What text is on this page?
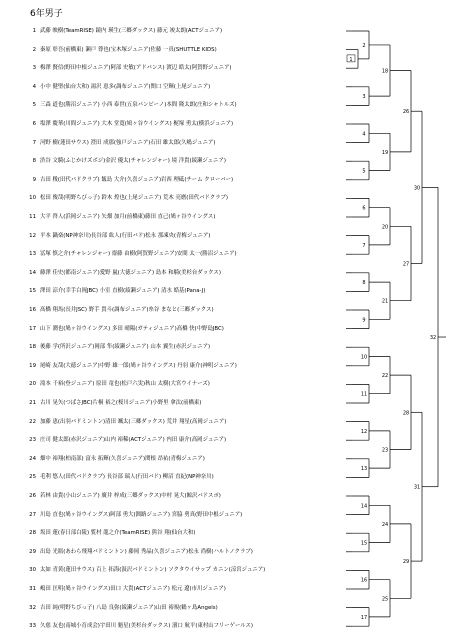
6年男子
1 武藤 映樹(TeamRISE) 鏡内 瑛生(三郷ダックス) 藤元 竣太朗(ACTジュニア)
2 秦原 彰吾(前橋東) 瀬戸 尊也(宝木塚ジュニア)佐藤 一真(SHUTTLE KIDS)
3 梅澤 賢信(野田中根ジュニア)阿部 史敏(アドバンス) 渡辺 皓太(阿賀野ジュニア)
4 小中 健聖(仙台大和) 湯沢 恵多(調布ジュニア)関口 空輝(上尾ジュニア)
5 三森 道也(勝沼ジュニア) 小西 泰世(五泉バンビーノ)本間 隆太朗(庄和シャトルズ)
6 塩澤 慶華(川間ジュニア) 大木 堂寛(鳩ヶ谷ウイングス) 梶塚 勇太(横浜ジュニア)
7 河野 樹(蓮田サウス) 澄田 成那(強戸ジュニア)石田 雄太郎(久嶋ジュニア)
8 渋谷 文騎(ふじかけズボジ)金沢 優太(チャレンジャー) 境 洋貴(綾瀬ジュニア)
9 吉田 稜(田代バドクラブ) 飯島 大介(久喜ジュニア)岩西 理砥(チーム クローバー)
10 松田 俊哉(明野ちびっ子) 鈴木 煌也(上尾ジュニア) 荒木 亮磨(田代バドクラブ)
11 大平 啓人(浜岡ジュニア) 矢畑 加月(前橋東)藤田 直己(鳩ヶ谷ウイングス)
12 平本 鍋楽(NP神奈川)長谷部 紘人(行田バド)松永 那凍央(青梅ジュニア)
13 冨塚 慎之介(チャレンジャー) 齋藤 由樹(阿賀野ジュニア)安間 太一(勝沼ジュニア)
14 藤澤 佳史(都南ジュニア)愛野 嵐(大徳ジュニア) 島本 和騎(美杉台ダックス)
15 澤田 涼介(幸手白岡JBC) 小室 直樹(綾瀬ジュニア) 清水 皓基(Pana-J)
16 髙橋 翔馬(長井JSC) 野手 貴斗(調布ジュニア)糸谷 まなと(三郷ダックス)
17 山下 潤也(鳩ヶ谷ウイングス) 多田 晴陽(ガティジュニア)高橋 快(中野島JBC)
18 後藤 学(所沢ジュニア)岡部 隼(綾瀬ジュニア) 山本 翼生(赤沢ジュニア)
19 尾崎 友哉(大徳ジュニア)中野 雄一郎(鳩ヶ谷ウイングス) 丹羽 康介(神明ジュニア)
20 滝本 千裕(登ジュニア) 原田 竜也(松戸六実)秋山 太樹(大宮ウイナーズ)
21 古川 晃矢(つばさJBC)片桐 裕之(桜川ジュニア)小野里 拿汰(前橋東)
22 加藤 恵(出羽バドミントン)清田 颯太(三郷ダックス) 荒井 翔星(高岡ジュニア)
23 庄司 健太郎(赤沢ジュニア)山内 裕稀(ACTジュニア) 内田 康介(高岡ジュニア)
24 畑中 裕翔(柏南部) 富永 拓輝(久喜ジュニア)関根 昂祐(青梅ジュニア)
25 毛利 悠人(田代バドクラブ) 長谷部 瑞人(行田バド) 柳沼 直紀(NP神奈川)
26 若林 由貴(小山ジュニア) 廣井 梓成(三郷ダックス)中村 晃大(鯨沢バドスポ)
27 川島 直也(鳩ヶ谷ウイングス)阿部 勇大(釧路ジュニア) 宮脇 勇真(野田中根ジュニア)
28 坂田 蓮(春日部白陵) 覧村 龍之介(TeamRISE) 熊谷 翔(仙台大和)
29 出島 光瓶(あわら飛翔バドミントン) 藤岡 秀晶(久喜ジュニア)松永 尚樹(ハルトノクラブ)
30 太如 青黄(蓮田サウス) 百上 拓海(汲沢バドミントン) ソクタウイサップ カニン(涼宮ジュニア)
31 嶋田 匡明(鳩ヶ谷ウイングス)田口 大貴(ACTジュニア) 松元 遼(市川ジュニア)
32 吉田 純(明野ちびっ子) 八島 良弥(綾瀬ジュニア)山田 裕規(鶴ヶ島Angels)
33 久慈 友也(南城小育成会)宇田川 魁星(美杉台ダックス) 濱口 航平(東村山フリーゲールス)
1
2
3
4
5
6
7
8
9
10
11
12
13
14
15
16
17
18
19
20
21
22
23
24
25
26
27
28
29
30
31
32
